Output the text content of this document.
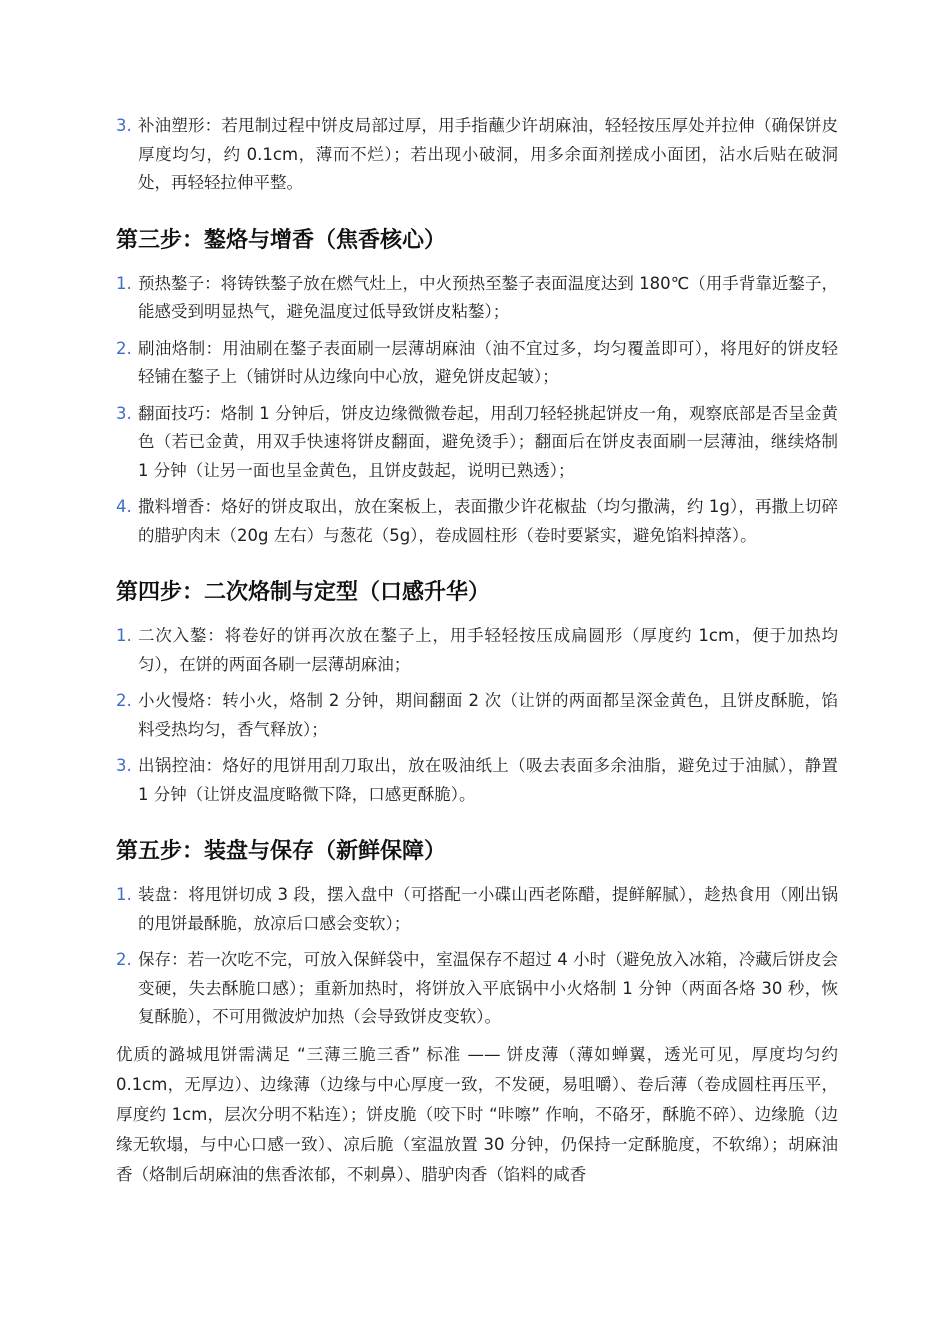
3. 补油塑形：若甩制过程中饼皮局部过厚，用手指蘸少许胡麻油，轻轻按压厚处并拉伸（确保饼皮厚度均匀，约 0.1cm，薄而不烂）；若出现小破洞，用多余面剂搓成小面团，沾水后贴在破洞处，再轻轻拉伸平整。
第三步：鏊烙与增香（焦香核心）
1. 预热鏊子：将铸铁鏊子放在燃气灶上，中火预热至鏊子表面温度达到 180℃（用手背靠近鏊子，能感受到明显热气，避免温度过低导致饼皮粘鏊）；
2. 刷油烙制：用油刷在鏊子表面刷一层薄胡麻油（油不宜过多，均匀覆盖即可），将甩好的饼皮轻轻铺在鏊子上（铺饼时从边缘向中心放，避免饼皮起皱）；
3. 翻面技巧：烙制 1 分钟后，饼皮边缘微微卷起，用刮刀轻轻挑起饼皮一角，观察底部是否呈金黄色（若已金黄，用双手快速将饼皮翻面，避免烫手）；翻面后在饼皮表面刷一层薄油，继续烙制 1 分钟（让另一面也呈金黄色，且饼皮鼓起，说明已熟透）；
4. 撒料增香：烙好的饼皮取出，放在案板上，表面撒少许花椒盐（均匀撒满，约 1g），再撒上切碎的腊驴肉末（20g 左右）与葱花（5g），卷成圆柱形（卷时要紧实，避免馅料掉落）。
第四步：二次烙制与定型（口感升华）
1. 二次入鏊：将卷好的饼再次放在鏊子上，用手轻轻按压成扁圆形（厚度约 1cm，便于加热均匀），在饼的两面各刷一层薄胡麻油；
2. 小火慢烙：转小火，烙制 2 分钟，期间翻面 2 次（让饼的两面都呈深金黄色，且饼皮酥脆，馅料受热均匀，香气释放）；
3. 出锅控油：烙好的甩饼用刮刀取出，放在吸油纸上（吸去表面多余油脂，避免过于油腻），静置 1 分钟（让饼皮温度略微下降，口感更酥脆）。
第五步：装盘与保存（新鲜保障）
1. 装盘：将甩饼切成 3 段，摆入盘中（可搭配一小碟山西老陈醋，提鲜解腻），趁热食用（刚出锅的甩饼最酥脆，放凉后口感会变软）；
2. 保存：若一次吃不完，可放入保鲜袋中，室温保存不超过 4 小时（避免放入冰箱，冷藏后饼皮会变硬，失去酥脆口感）；重新加热时，将饼放入平底锅中小火烙制 1 分钟（两面各烙 30 秒，恢复酥脆），不可用微波炉加热（会导致饼皮变软）。

优质的潞城甩饼需满足 “三薄三脆三香” 标准 —— 饼皮薄（薄如蝉翼，透光可见，厚度均匀约 0.1cm，无厚边）、边缘薄（边缘与中心厚度一致，不发硬，易咀嚼）、卷后薄（卷成圆柱再压平，厚度约 1cm，层次分明不粘连）；饼皮脆（咬下时 “咔嚓” 作响，不硌牙，酥脆不碎）、边缘脆（边缘无软塌，与中心口感一致）、凉后脆（室温放置 30 分钟，仍保持一定酥脆度，不软绵）；胡麻油香（烙制后胡麻油的焦香浓郁，不刺鼻）、腊驴肉香（馅料的咸香
